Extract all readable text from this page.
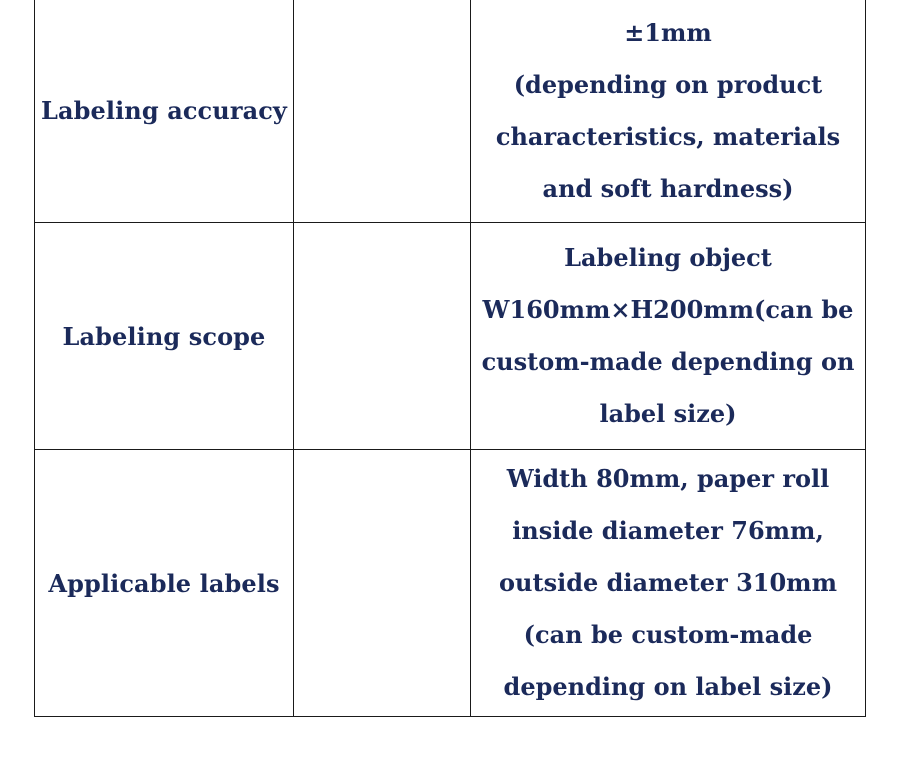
Labeling accuracy		±1mm
(depending on product
characteristics, materials
and soft hardness)

Labeling scope		Labeling object
W160mm×H200mm(can be
custom-made depending on
label size)

Applicable labels		Width 80mm, paper roll
inside diameter 76mm,
outside diameter 310mm
(can be custom-made
depending on label size)
